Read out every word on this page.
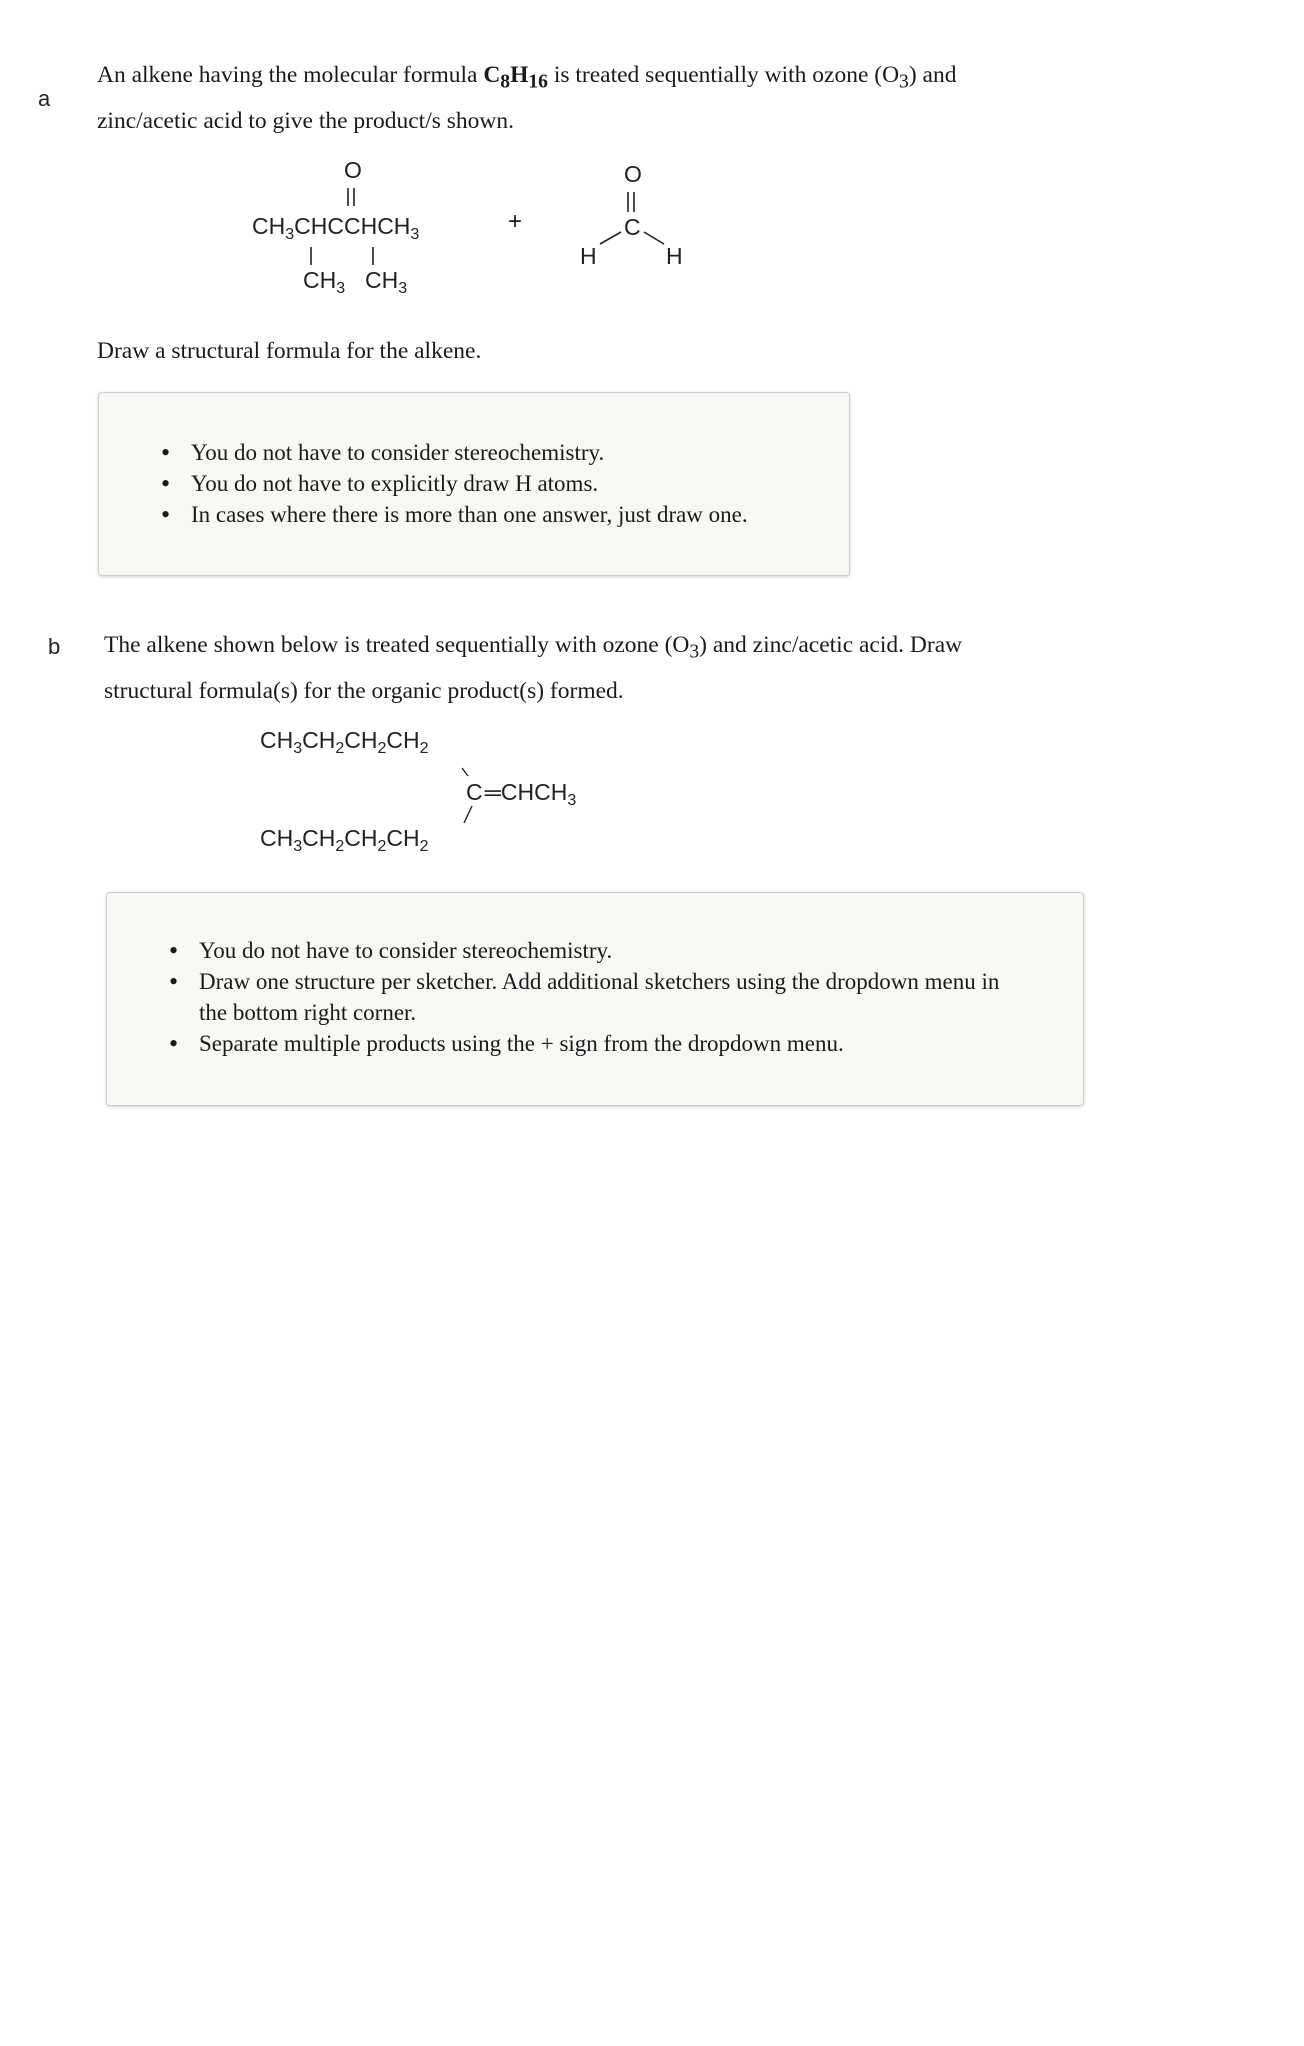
a
An alkene having the molecular formula $C_8H_{16}$ is treated sequentially with ozone $(O_3)$ and
zinc/acetic acid to give the product/s shown.
O
$CH_3CHCCHCH_3$
$CH_3$ $CH_3$
+
O
C
H	H
Draw a structural formula for the alkene.
• You do not have to consider stereochemistry.
• You do not have to explicitly draw H atoms.
• In cases where there is more than one answer, just draw one.
b The alkene shown below is treated sequentially with ozone $(O_3)$ and zinc/acetic acid. Draw
structural formula(s) for the organic product(s) formed.
$CH_3CH_2CH_2CH_2$
$C═CHCH_3$
$CH_3CH_2CH_2CH_2$
• You do not have to consider stereochemistry.
• Draw one structure per sketcher. Add additional sketchers using the dropdown menu in the bottom right corner.
• Separate multiple products using the + sign from the dropdown menu.
